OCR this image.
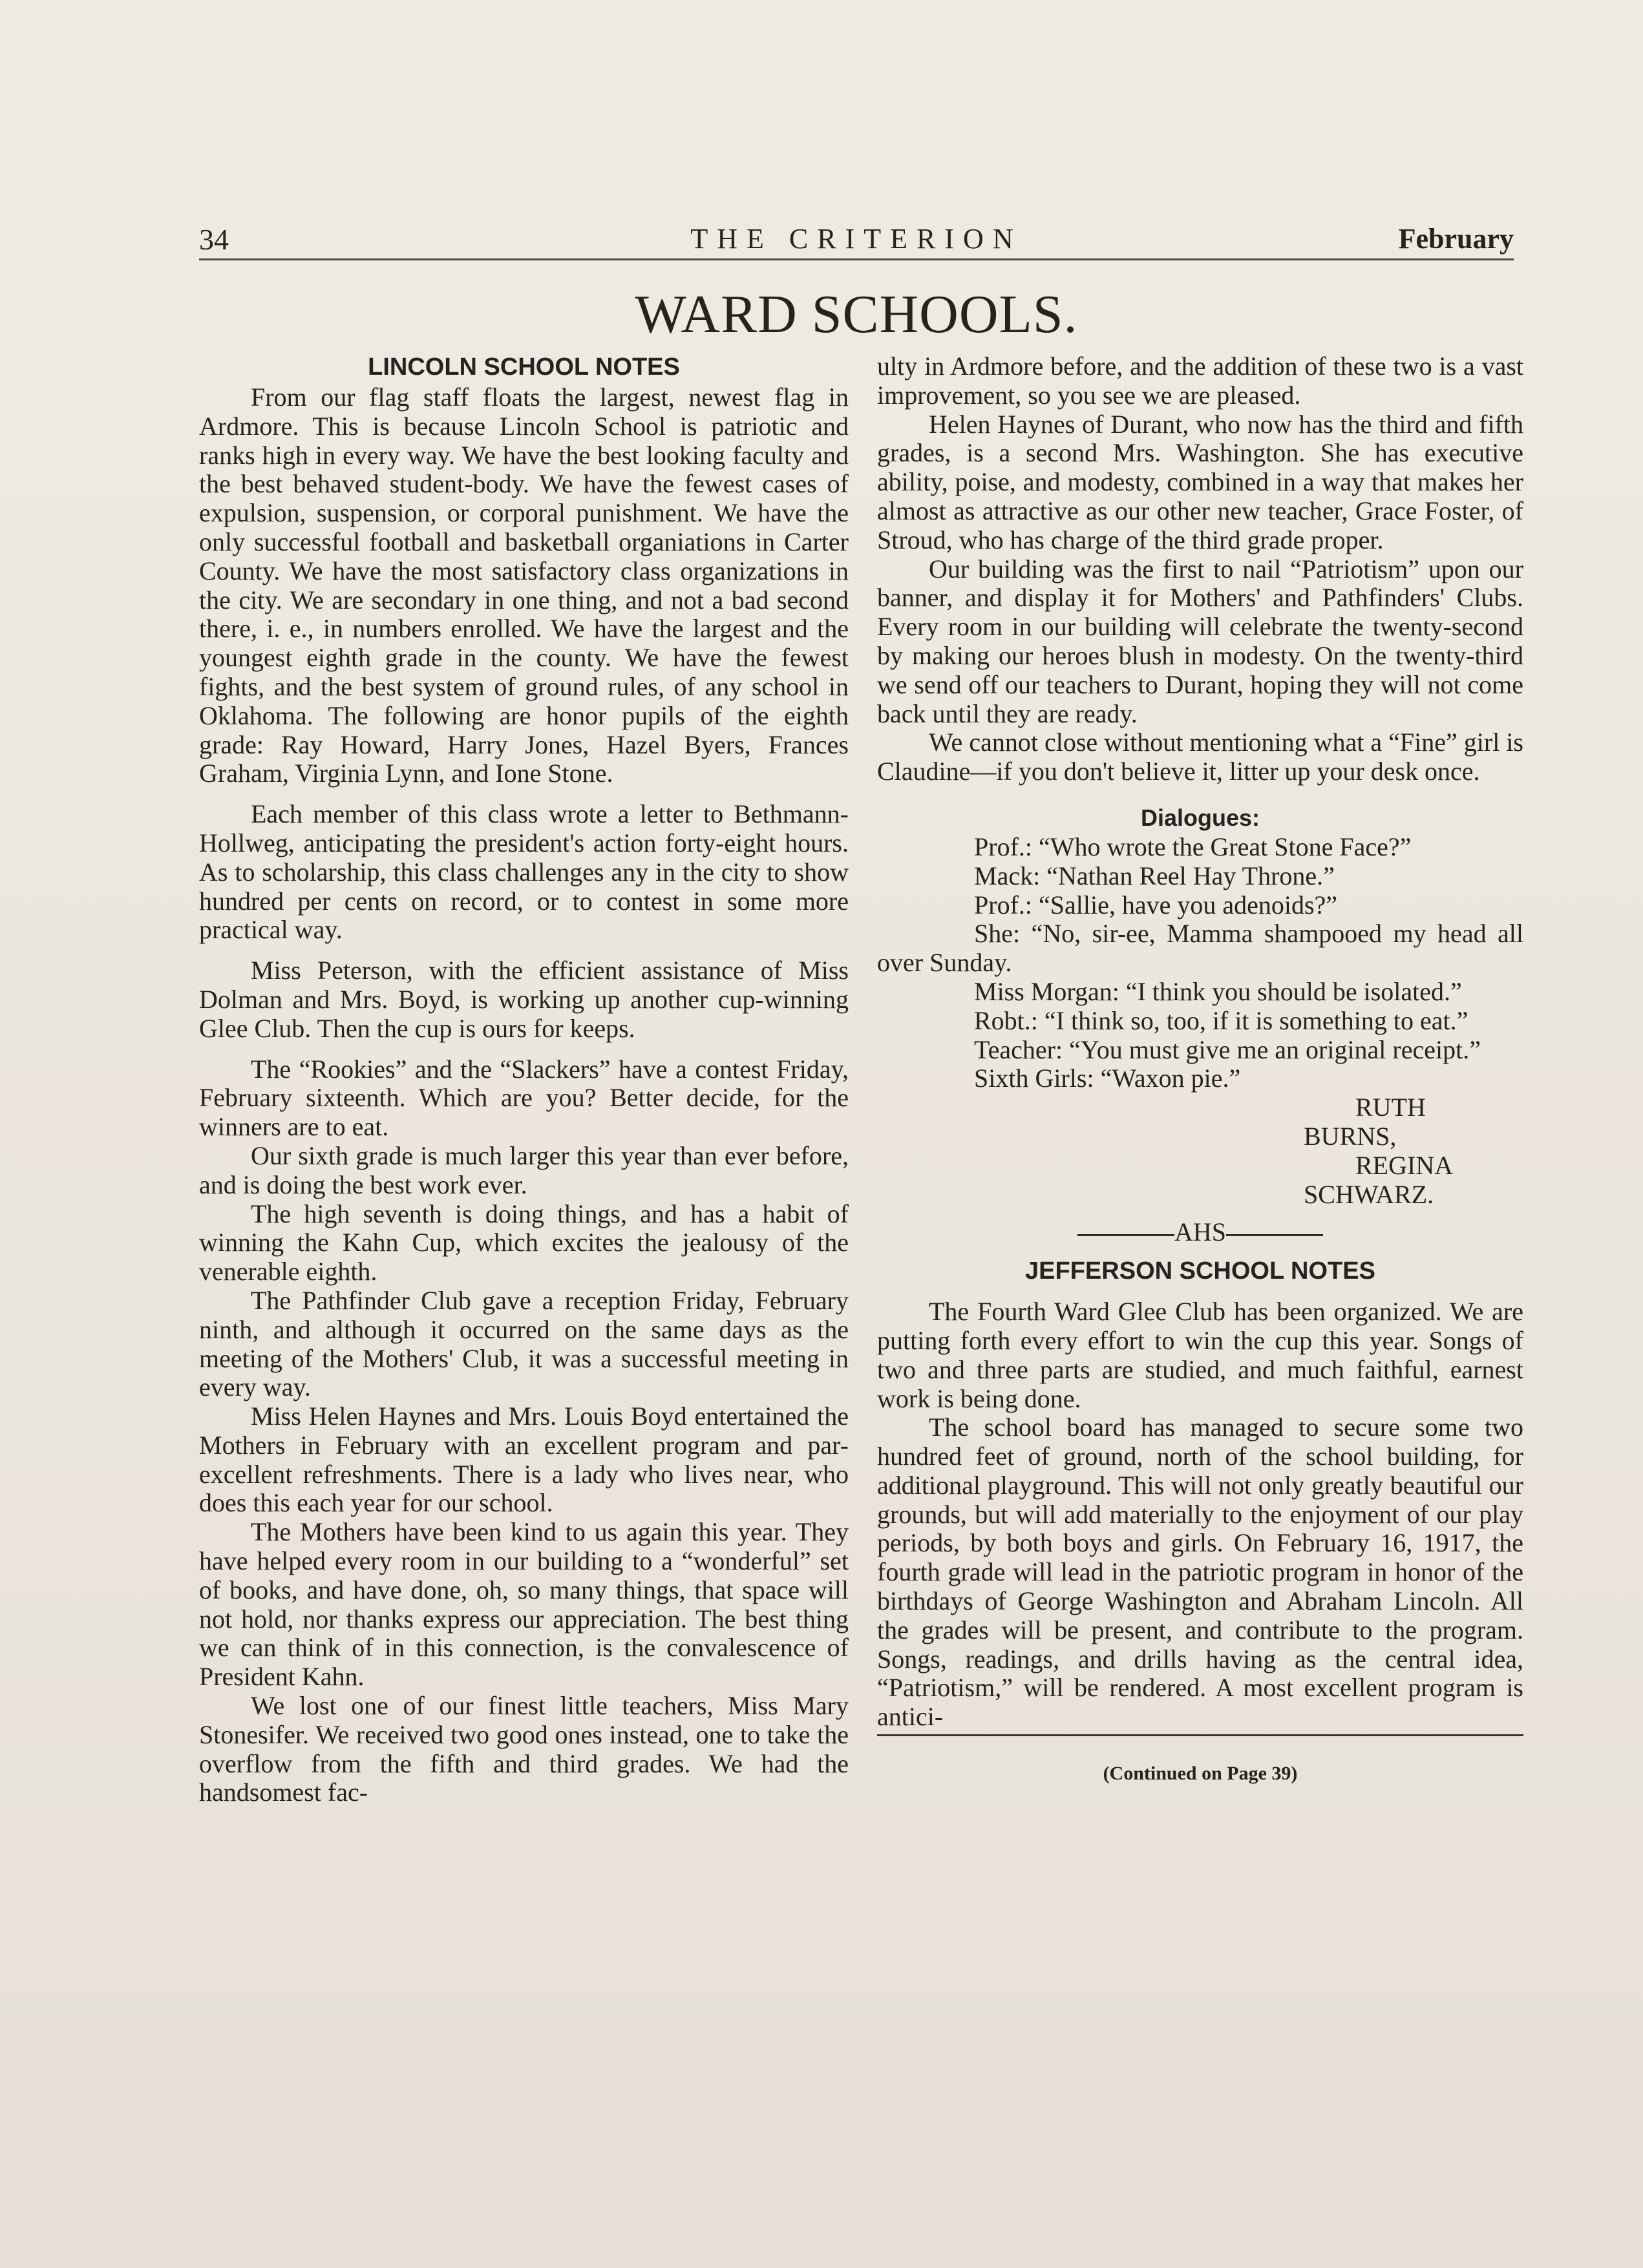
34	THE CRITERION	February
WARD SCHOOLS.
LINCOLN SCHOOL NOTES

From our flag staff floats the largest, newest flag in Ardmore. This is because Lincoln School is patriotic and ranks high in every way. We have the best looking faculty and the best behaved student-body. We have the fewest cases of expulsion, suspension, or corporal punishment. We have the only successful football and basketball organiations in Carter County. We have the most satisfactory class organizations in the city. We are secondary in one thing, and not a bad second there, i. e., in numbers enrolled. We have the largest and the youngest eighth grade in the county. We have the fewest fights, and the best system of ground rules, of any school in Oklahoma. The following are honor pupils of the eighth grade: Ray Howard, Harry Jones, Hazel Byers, Frances Graham, Virginia Lynn, and Ione Stone.

Each member of this class wrote a letter to Bethmann-Hollweg, anticipating the president's action forty-eight hours. As to scholarship, this class challenges any in the city to show hundred per cents on record, or to contest in some more practical way.

Miss Peterson, with the efficient assistance of Miss Dolman and Mrs. Boyd, is working up another cup-winning Glee Club. Then the cup is ours for keeps.

The “Rookies” and the “Slackers” have a contest Friday, February sixteenth. Which are you? Better decide, for the winners are to eat.

Our sixth grade is much larger this year than ever before, and is doing the best work ever.

The high seventh is doing things, and has a habit of winning the Kahn Cup, which excites the jealousy of the venerable eighth.

The Pathfinder Club gave a reception Friday, February ninth, and although it occurred on the same days as the meeting of the Mothers' Club, it was a successful meeting in every way.

Miss Helen Haynes and Mrs. Louis Boyd entertained the Mothers in February with an excellent program and par-excellent refreshments. There is a lady who lives near, who does this each year for our school.

The Mothers have been kind to us again this year. They have helped every room in our building to a “wonderful” set of books, and have done, oh, so many things, that space will not hold, nor thanks express our appreciation. The best thing we can think of in this connection, is the convalescence of President Kahn.

We lost one of our finest little teachers, Miss Mary Stonesifer. We received two good ones instead, one to take the overflow from the fifth and third grades. We had the handsomest fac-

ulty in Ardmore before, and the addition of these two is a vast improvement, so you see we are pleased.

Helen Haynes of Durant, who now has the third and fifth grades, is a second Mrs. Washington. She has executive ability, poise, and modesty, combined in a way that makes her almost as attractive as our other new teacher, Grace Foster, of Stroud, who has charge of the third grade proper.

Our building was the first to nail “Patriotism” upon our banner, and display it for Mothers' and Pathfinders' Clubs. Every room in our building will celebrate the twenty-second by making our heroes blush in modesty. On the twenty-third we send off our teachers to Durant, hoping they will not come back until they are ready.

We cannot close without mentioning what a “Fine” girl is Claudine—if you don't believe it, litter up your desk once.

Dialogues:

Prof.: “Who wrote the Great Stone Face?”

Mack: “Nathan Reel Hay Throne.”

Prof.: “Sallie, have you adenoids?”

She: “No, sir-ee, Mamma shampooed my head all over Sunday.

Miss Morgan: “I think you should be isolated.”

Robt.: “I think so, too, if it is something to eat.”

Teacher: “You must give me an original receipt.”

Sixth Girls: “Waxon pie.”

RUTH BURNS,

REGINA SCHWARZ.

AHS
JEFFERSON SCHOOL NOTES

The Fourth Ward Glee Club has been organized. We are putting forth every effort to win the cup this year. Songs of two and three parts are studied, and much faithful, earnest work is being done.

The school board has managed to secure some two hundred feet of ground, north of the school building, for additional playground. This will not only greatly beautiful our grounds, but will add materially to the enjoyment of our play periods, by both boys and girls. On February 16, 1917, the fourth grade will lead in the patriotic program in honor of the birthdays of George Washington and Abraham Lincoln. All the grades will be present, and contribute to the program. Songs, readings, and drills having as the central idea, “Patriotism,” will be rendered. A most excellent program is antici-

(Continued on Page 39)
